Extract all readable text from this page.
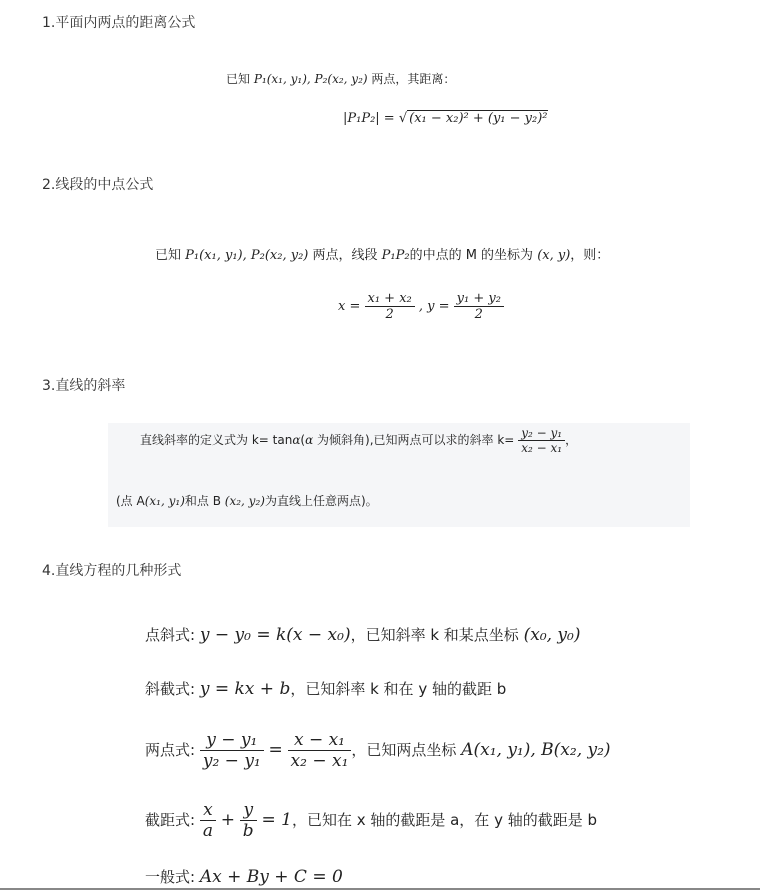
1.平面内两点的距离公式
已知 P₁(x₁, y₁), P₂(x₂, y₂) 两点，其距离：
|P₁P₂| = √ (x₁ − x₂)² + (y₁ − y₂)²
2.线段的中点公式
已知 P₁(x₁, y₁), P₂(x₂, y₂) 两点，线段 P₁P₂的中点的 M 的坐标为 (x, y)，则：
$x = \frac{\text{x₁ + x₂}}{2}$ , $y = \frac{\text{y₁ + y₂}}{2}$
3.直线的斜率
直线斜率的定义式为 k= tanα(α 为倾斜角),已知两点可以求的斜率 $k= \frac{\text{y₂ − y₁}}{\text{x₂ − x₁}}$ ，
(点 A(x₁, y₁)和点 B (x₂, y₂)为直线上任意两点)。
4.直线方程的几种形式
点斜式: y − y₀ = k(x − x₀)，已知斜率 k 和某点坐标 (x₀, y₀)
斜截式: y = kx + b，已知斜率 k 和在 y 轴的截距 b
两点式: $\frac{\text{y − y₁}}{\text{y₂ − y₁}} = \frac{\text{x − x₁}}{\text{x₂ − x₁}}$ ，已知两点坐标 A(x₁, y₁), B(x₂, y₂)
截距式: $\frac{x}{a} + \frac{y}{b} = 1$，已知在 x 轴的截距是 a，在 y 轴的截距是 b
一般式: Ax + By + C = 0
